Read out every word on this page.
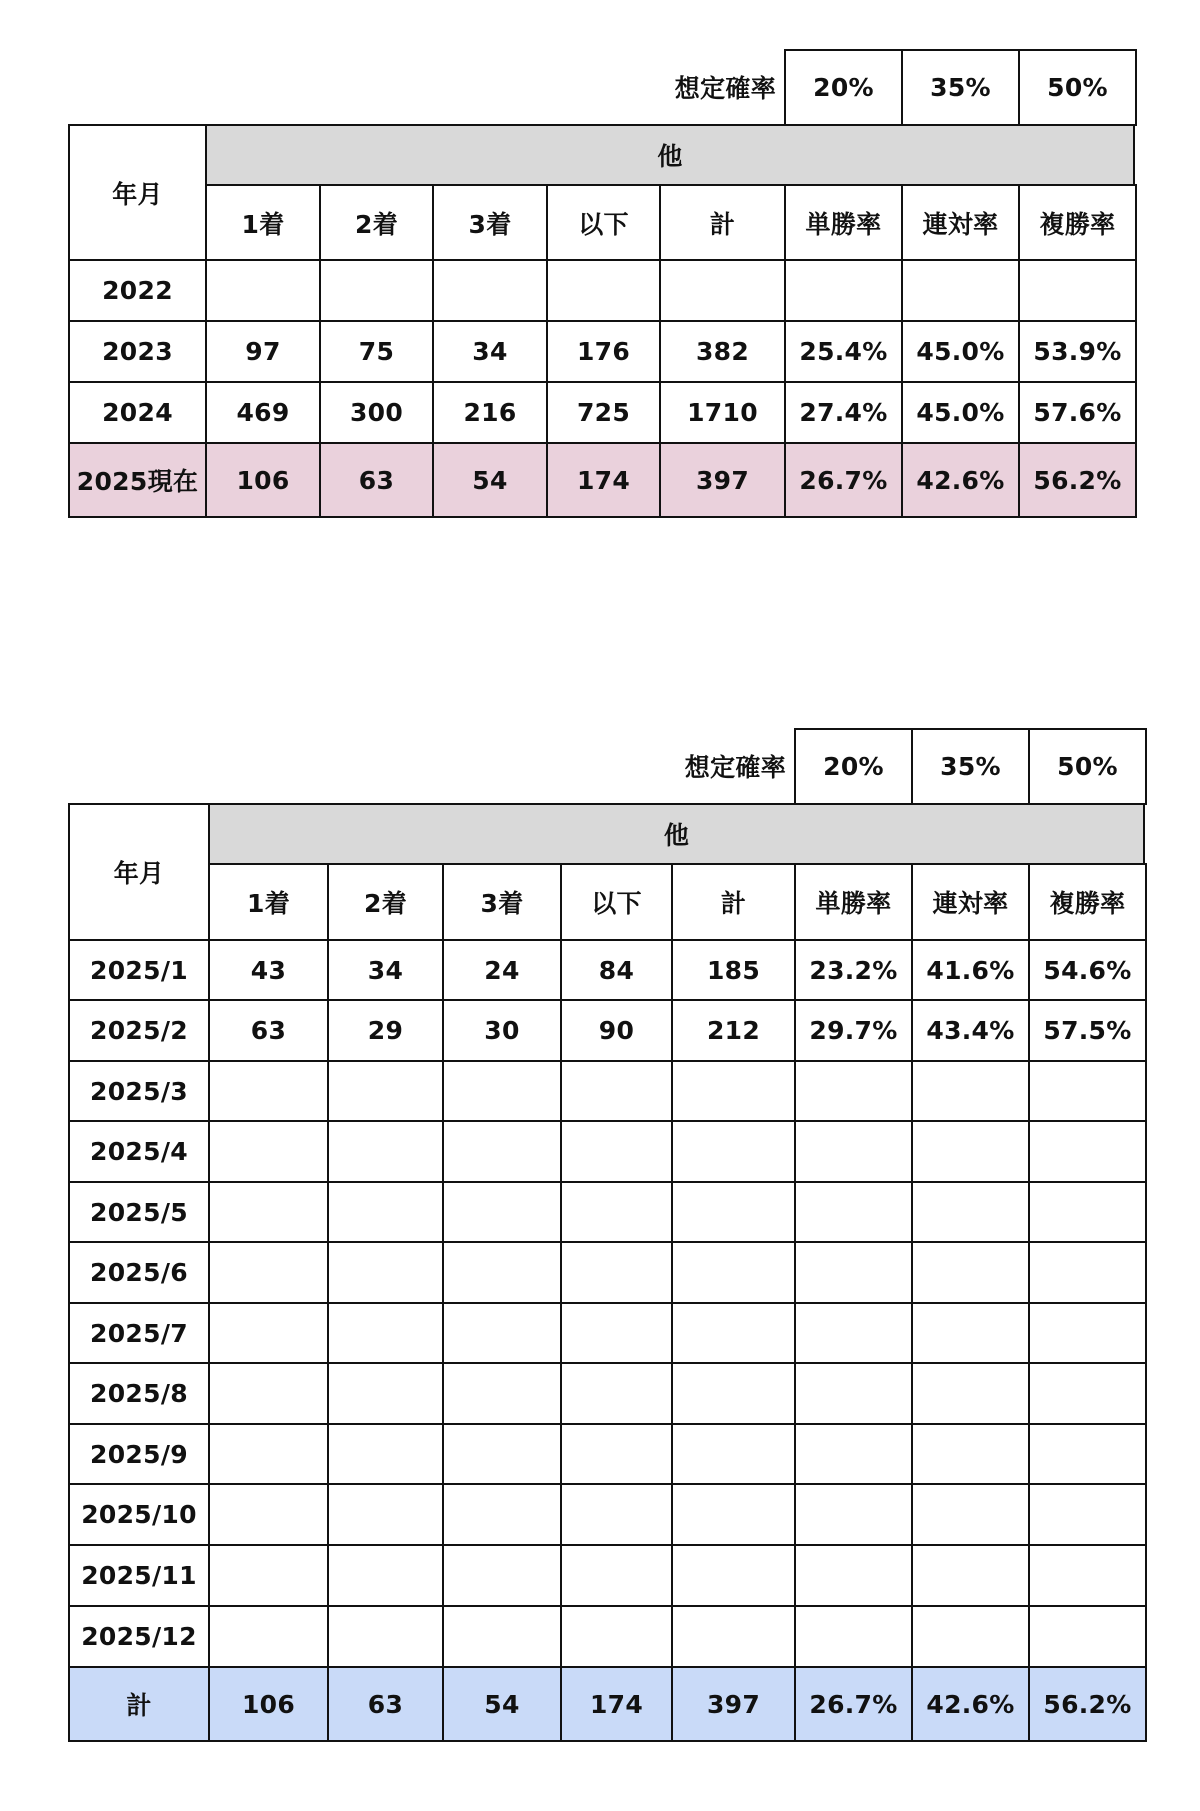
想定確率	20%	35%	50%
年月
他
1着	2着	3着	以下	計	単勝率	連対率	複勝率
2022
2023	97	75	34	176	382	25.4%	45.0%	53.9%
2024	469	300	216	725	1710	27.4%	45.0%	57.6%
2025現在	106	63	54	174	397	26.7%	42.6%	56.2%
想定確率	20%	35%	50%
年月
他
1着	2着	3着	以下	計	単勝率	連対率	複勝率
2025/1	43	34	24	84	185	23.2%	41.6%	54.6%
2025/2	63	29	30	90	212	29.7%	43.4%	57.5%
2025/3
2025/4
2025/5
2025/6
2025/7
2025/8
2025/9
2025/10
2025/11
2025/12
計	106	63	54	174	397	26.7%	42.6%	56.2%
